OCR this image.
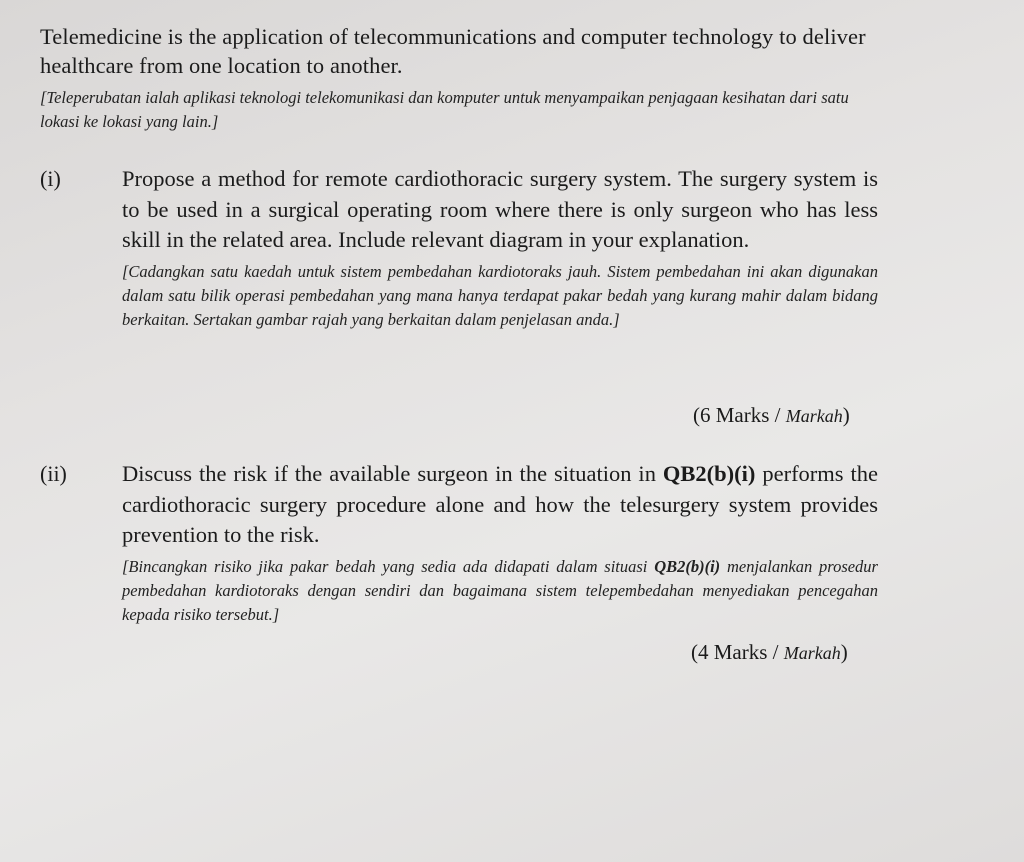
Telemedicine is the application of telecommunications and computer technology to deliver healthcare from one location to another.
[Teleperubatan ialah aplikasi teknologi telekomunikasi dan komputer untuk menyampaikan penjagaan kesihatan dari satu lokasi ke lokasi yang lain.]
(i)	Propose a method for remote cardiothoracic surgery system. The surgery system is to be used in a surgical operating room where there is only surgeon who has less skill in the related area. Include relevant diagram in your explanation.
[Cadangkan satu kaedah untuk sistem pembedahan kardiotoraks jauh. Sistem pembedahan ini akan digunakan dalam satu bilik operasi pembedahan yang mana hanya terdapat pakar bedah yang kurang mahir dalam bidang berkaitan. Sertakan gambar rajah yang berkaitan dalam penjelasan anda.]
(6 Marks / Markah)
(ii) Discuss the risk if the available surgeon in the situation in QB2(b)(i) performs the cardiothoracic surgery procedure alone and how the telesurgery system provides prevention to the risk.
[Bincangkan risiko jika pakar bedah yang sedia ada didapati dalam situasi QB2(b)(i) menjalankan prosedur pembedahan kardiotoraks dengan sendiri dan bagaimana sistem telepembedahan menyediakan pencegahan kepada risiko tersebut.]
(4 Marks / Markah)
